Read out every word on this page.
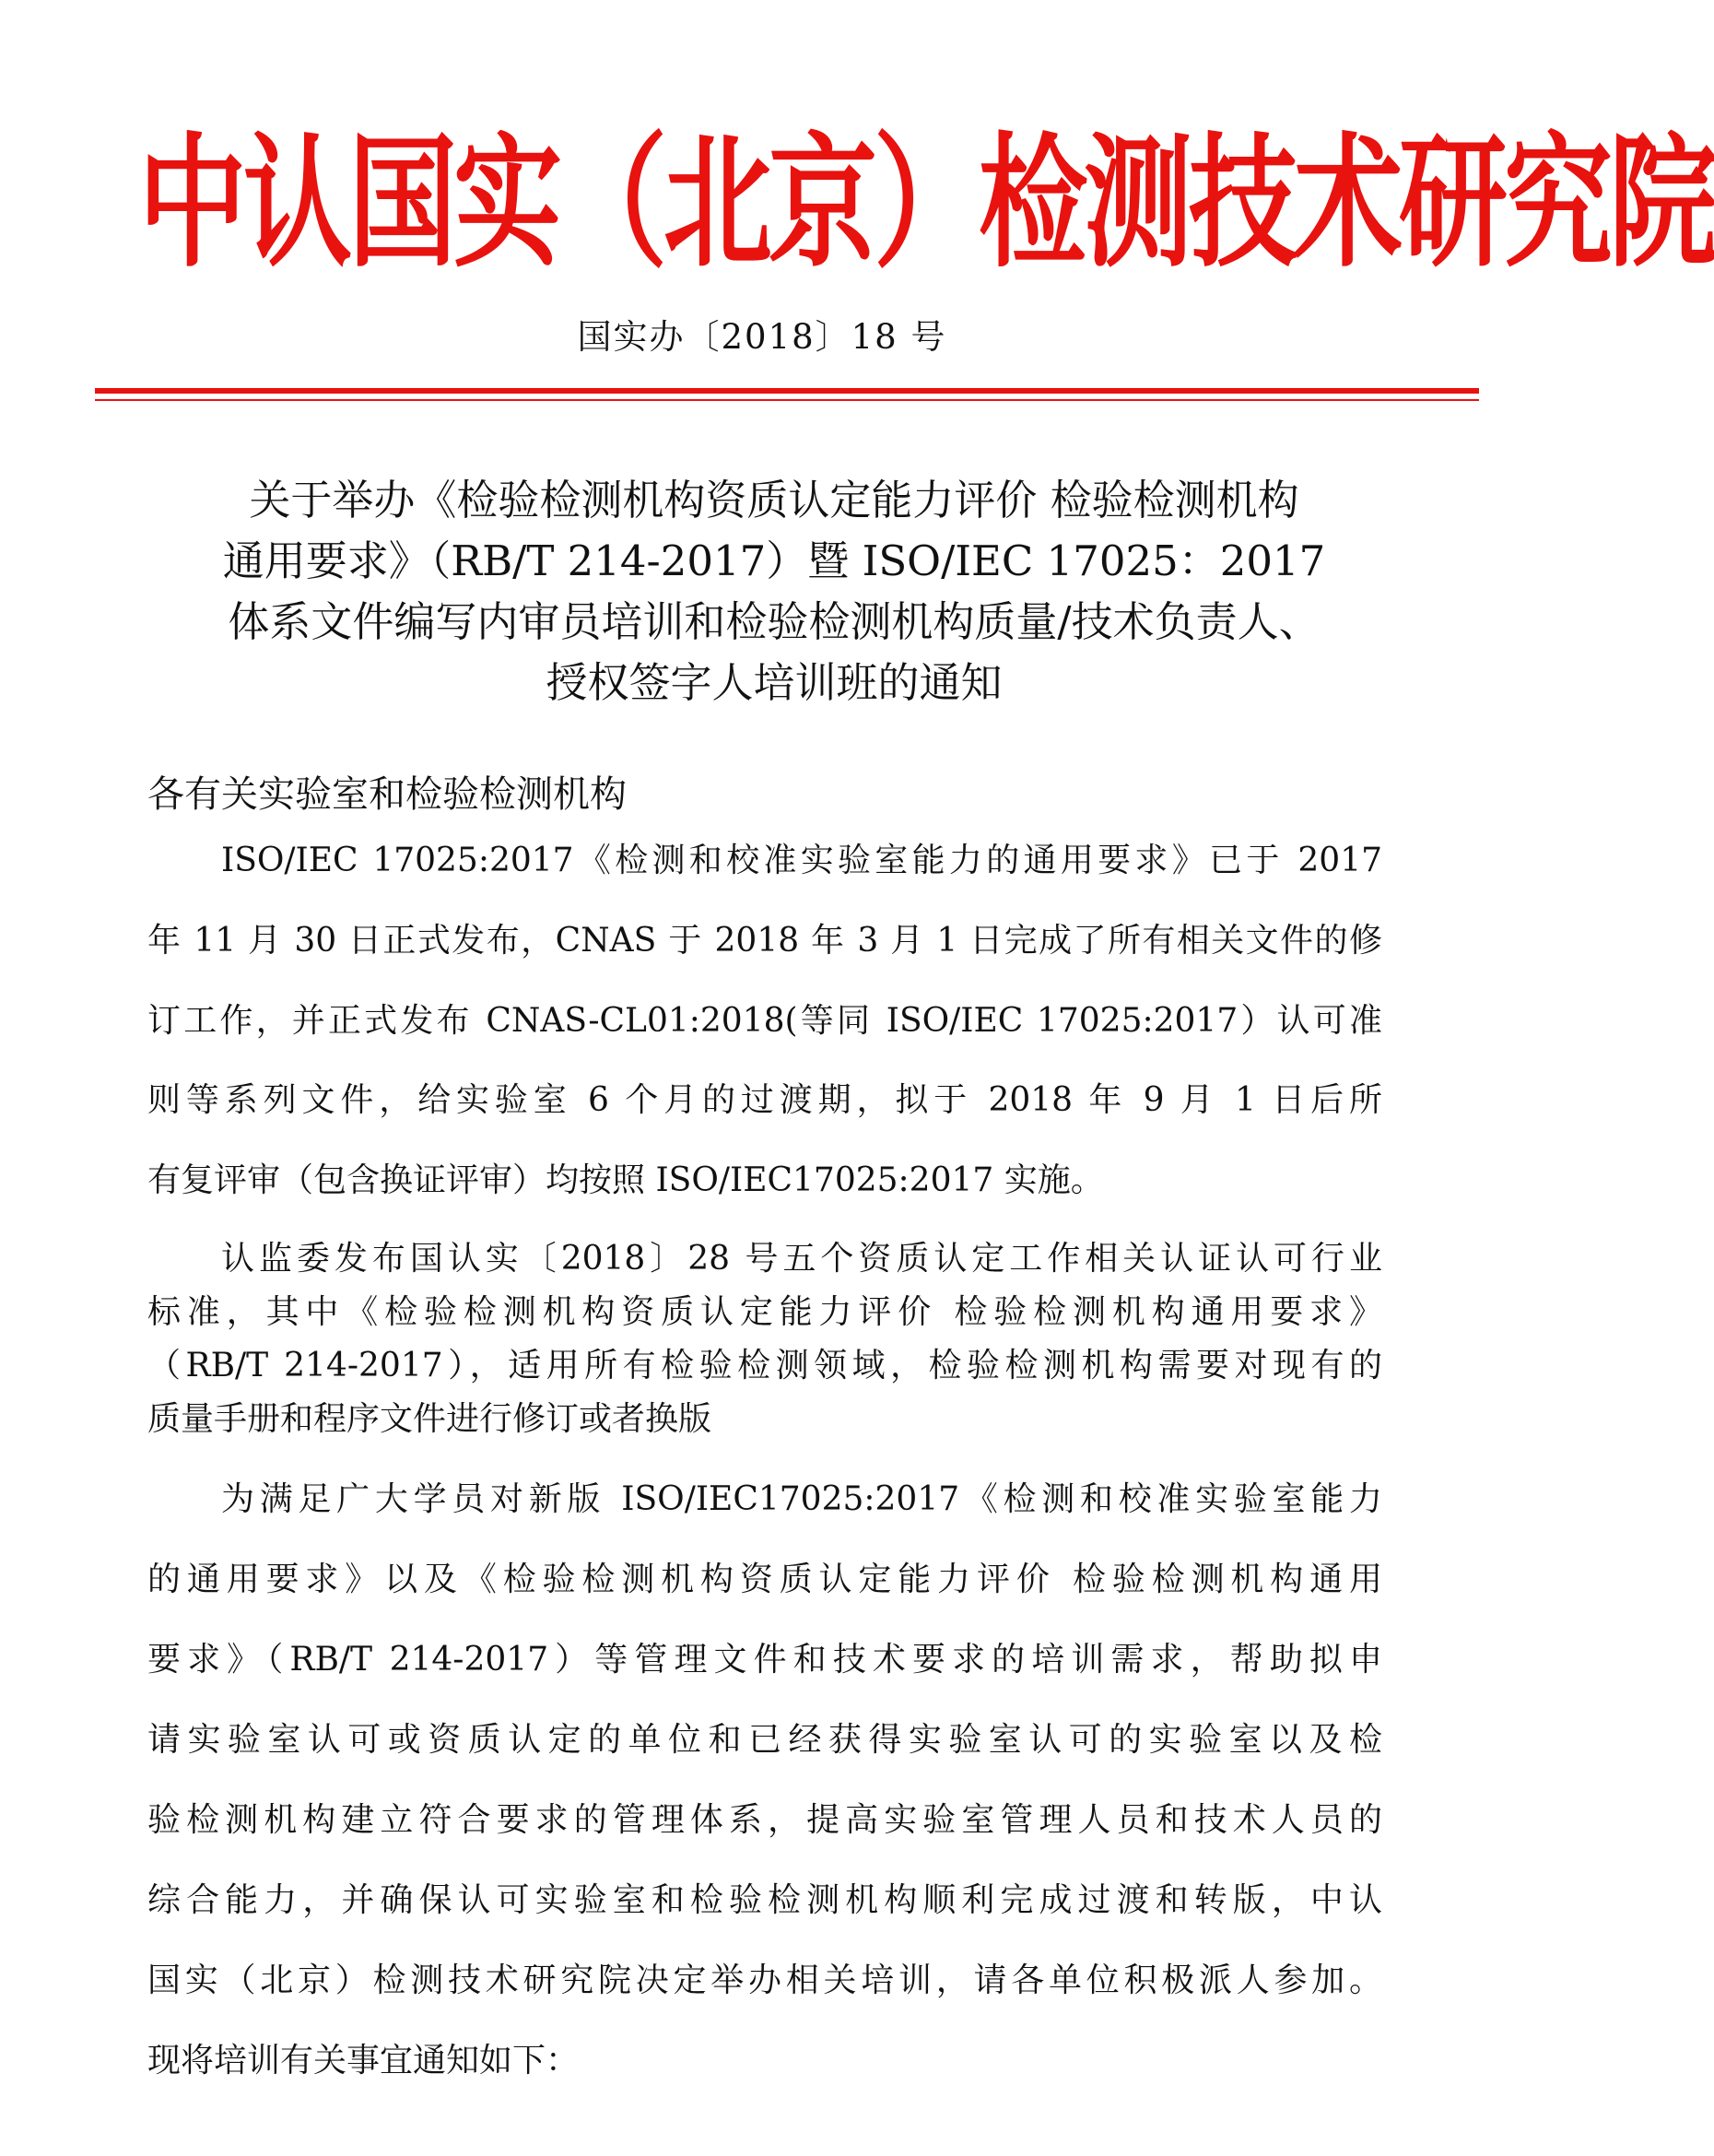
中认国实（北京）检测技术研究院
国实办〔2018〕18 号
关于举办《检验检测机构资质认定能力评价 检验检测机构
通用要求》（RB/T 214-2017）暨 ISO/IEC 17025：2017
体系文件编写内审员培训和检验检测机构质量/技术负责人、
授权签字人培训班的通知
各有关实验室和检验检测机构
ISO/IEC 17025:2017《检测和校准实验室能力的通用要求》已于 2017
年 11 月 30 日正式发布，CNAS 于 2018 年 3 月 1 日完成了所有相关文件的修
订工作，并正式发布 CNAS-CL01:2018(等同 ISO/IEC 17025:2017）认可准
则等系列文件，给实验室 6 个月的过渡期，拟于 2018 年 9 月 1 日后所
有复评审（包含换证评审）均按照 ISO/IEC17025:2017 实施。
认监委发布国认实〔2018〕28 号五个资质认定工作相关认证认可行业
标准，其中《检验检测机构资质认定能力评价 检验检测机构通用要求》
（RB/T 214-2017），适用所有检验检测领域，检验检测机构需要对现有的
质量手册和程序文件进行修订或者换版
为满足广大学员对新版 ISO/IEC17025:2017《检测和校准实验室能力
的通用要求》以及《检验检测机构资质认定能力评价 检验检测机构通用
要求》（RB/T 214-2017）等管理文件和技术要求的培训需求，帮助拟申
请实验室认可或资质认定的单位和已经获得实验室认可的实验室以及检
验检测机构建立符合要求的管理体系，提高实验室管理人员和技术人员的
综合能力，并确保认可实验室和检验检测机构顺利完成过渡和转版，中认
国实（北京）检测技术研究院决定举办相关培训，请各单位积极派人参加。
现将培训有关事宜通知如下：
